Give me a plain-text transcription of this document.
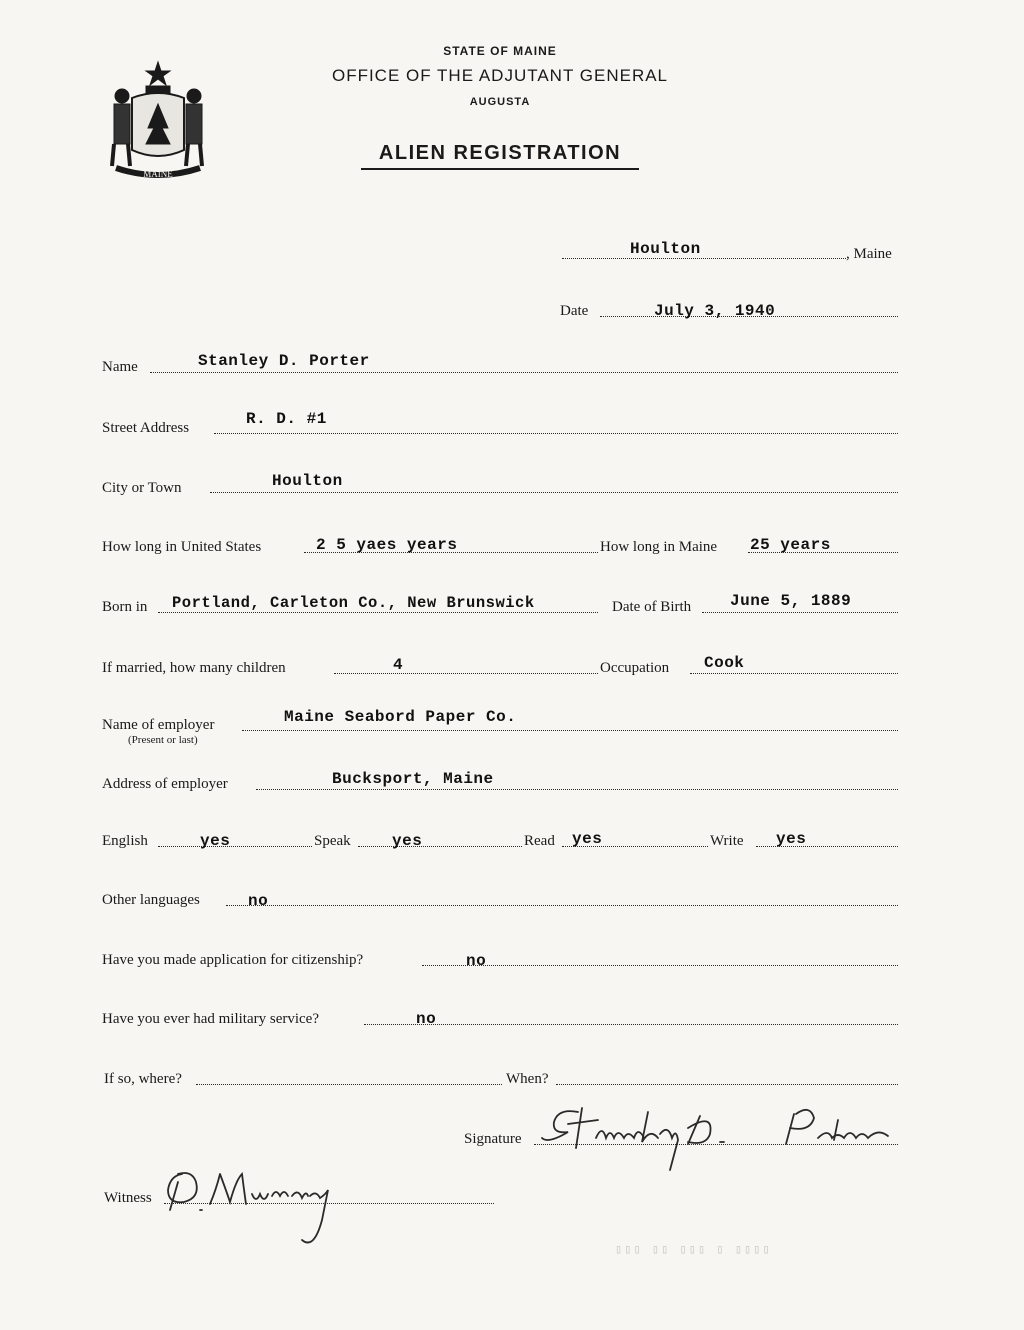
MAINE
STATE OF MAINE
OFFICE OF THE ADJUTANT GENERAL
AUGUSTA
ALIEN REGISTRATION
Houlton	, Maine
Date	July 3, 1940
Name	Stanley D. Porter
Street Address	R. D. #1
City or Town	Houlton
How long in United States	2 5 yaes years	How long in Maine 25 years
Born in Portland, Carleton Co., New Brunswick	Date of Birth June 5, 1889
If married, how many children	4	Occupation Cook
Name of employer
(Present or last)
Maine Seabord Paper Co.
Address of employer	Bucksport, Maine
English	yes	Speak	yes	Read yes	Write yes
Other languages	no
Have you made application for citizenship?	no
Have you ever had military service?	no
If so, where?	When?
Signature
Witness
▯▯▯ ▯▯ ▯▯▯ ▯ ▯▯▯▯
